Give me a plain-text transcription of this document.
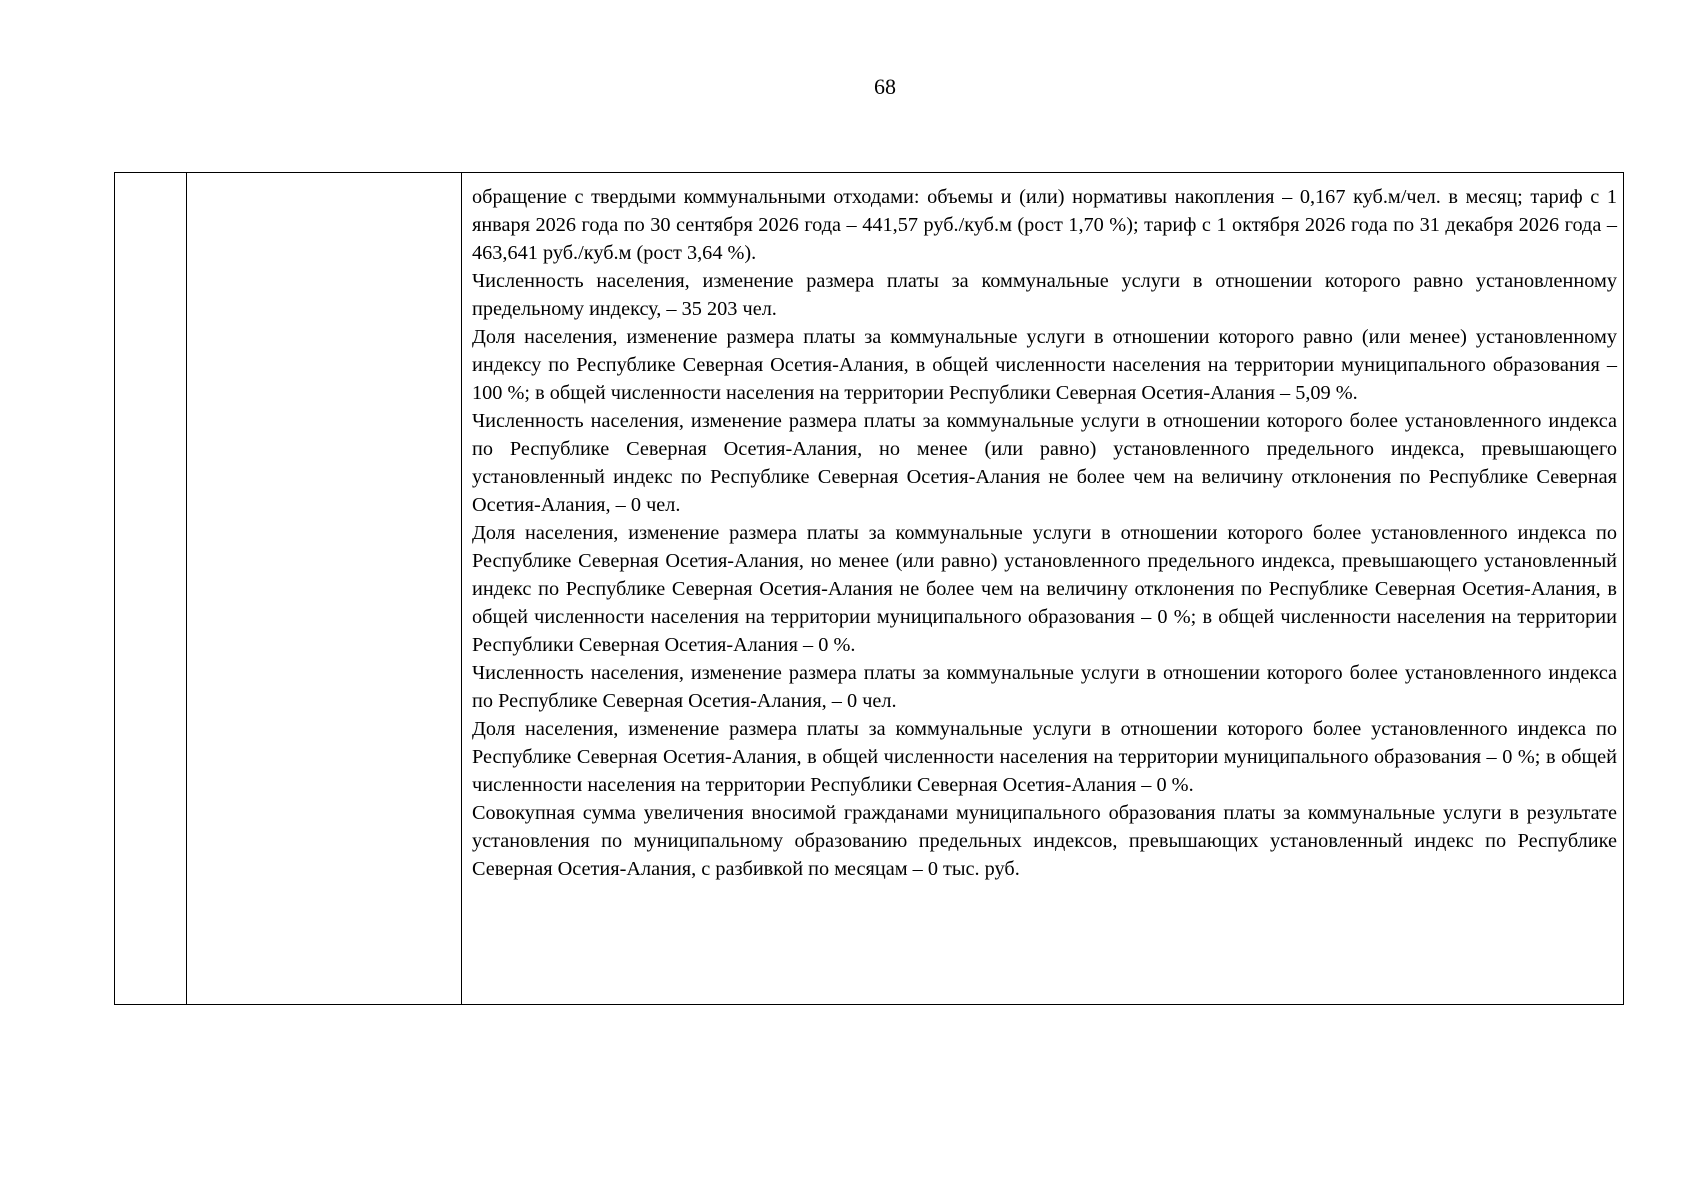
68

обращение с твердыми коммунальными отходами: объемы и (или) нормативы накопления – 0,167 куб.м/чел. в месяц; тариф с 1 января 2026 года по 30 сентября 2026 года – 441,57 руб./куб.м (рост 1,70 %); тариф с 1 октября 2026 года по 31 декабря 2026 года – 463,641 руб./куб.м (рост 3,64 %).

Численность населения, изменение размера платы за коммунальные услуги в отношении которого равно установленному предельному индексу, – 35 203 чел.

Доля населения, изменение размера платы за коммунальные услуги в отношении которого равно (или менее) установленному индексу по Республике Северная Осетия-Алания, в общей численности населения на территории муниципального образования – 100 %; в общей численности населения на территории Республики Северная Осетия-Алания – 5,09 %.

Численность населения, изменение размера платы за коммунальные услуги в отношении которого более установленного индекса по Республике Северная Осетия-Алания, но менее (или равно) установленного предельного индекса, превышающего установленный индекс по Республике Северная Осетия-Алания не более чем на величину отклонения по Республике Северная Осетия-Алания, – 0 чел.

Доля населения, изменение размера платы за коммунальные услуги в отношении которого более установленного индекса по Республике Северная Осетия-Алания, но менее (или равно) установленного предельного индекса, превышающего установленный индекс по Республике Северная Осетия-Алания не более чем на величину отклонения по Республике Северная Осетия-Алания, в общей численности населения на территории муниципального образования – 0 %; в общей численности населения на территории Республики Северная Осетия-Алания – 0 %.

Численность населения, изменение размера платы за коммунальные услуги в отношении которого более установленного индекса по Республике Северная Осетия-Алания, – 0 чел.

Доля населения, изменение размера платы за коммунальные услуги в отношении которого более установленного индекса по Республике Северная Осетия-Алания, в общей численности населения на территории муниципального образования – 0 %; в общей численности населения на территории Республики Северная Осетия-Алания – 0 %.

Совокупная сумма увеличения вносимой гражданами муниципального образования платы за коммунальные услуги в результате установления по муниципальному образованию предельных индексов, превышающих установленный индекс по Республике Северная Осетия-Алания, с разбивкой по месяцам – 0 тыс. руб.
